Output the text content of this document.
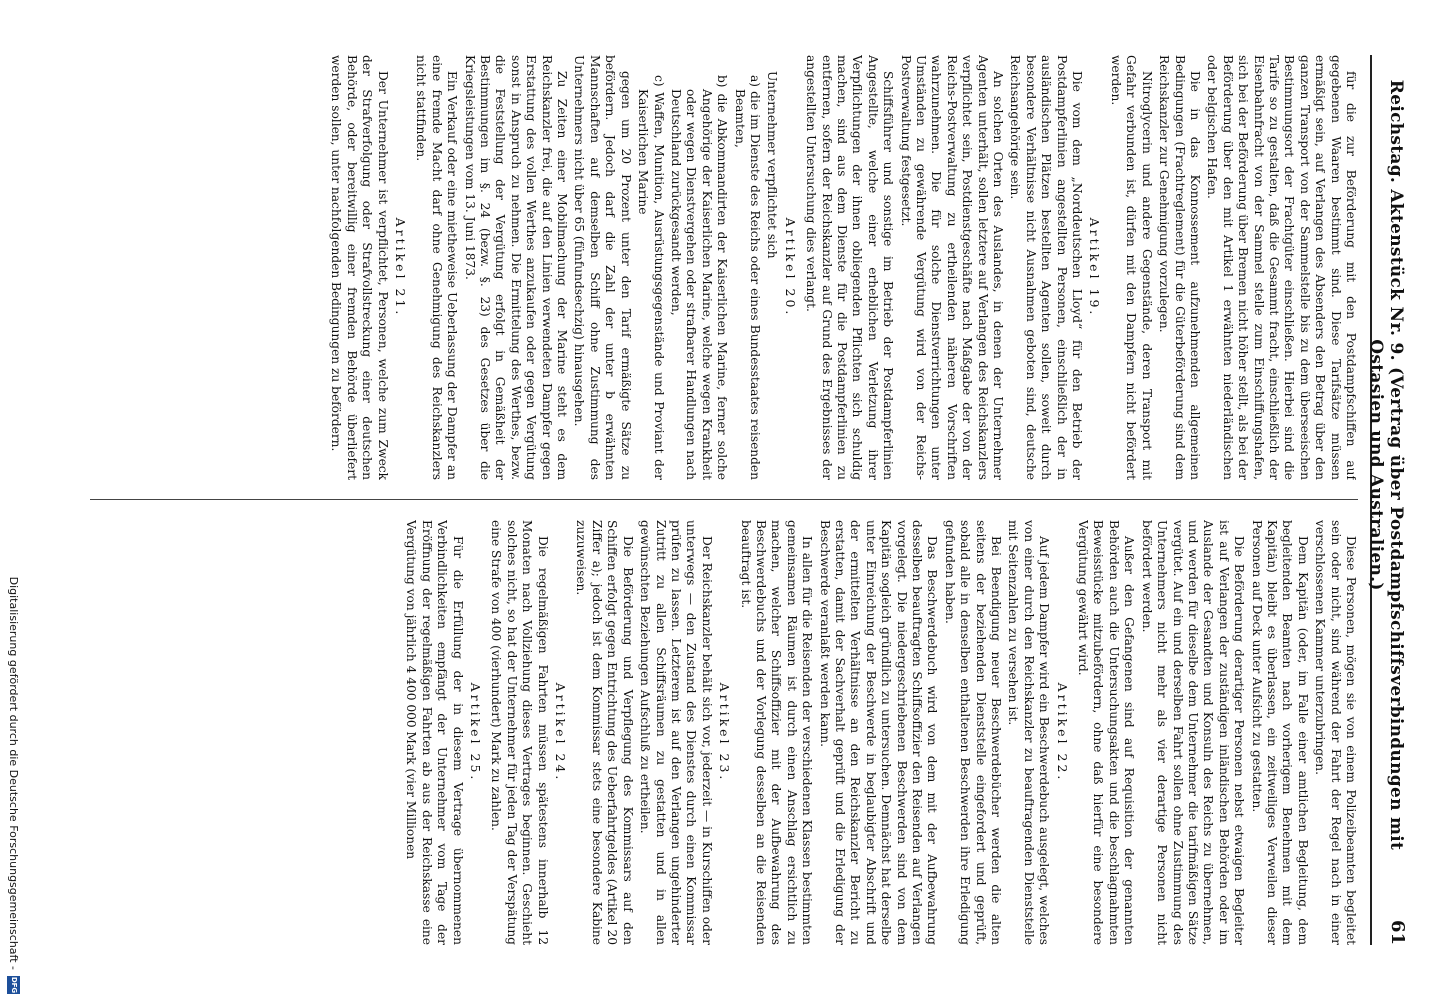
Reichstag. Aktenstück Nr. 9. (Vertrag über Postdampfschiffsverbindungen mit Ostasien und Australien.)
61

für die zur Beförderung mit den Postdampfschiffen auf gegebenen Waaren bestimmt sind. Diese Tarifsätze müssen ermäßigt sein, auf Verlangen des Absenders den Betrag über den ganzen Transport von der Sammelstelle bis zu dem überseeischen Bestimmungsort der Frachtgüter einschließen. Hierbei sind die Tarife so zu gestalten, daß die Gesammt fracht, einschließlich der Eisenbahnfracht von der Sammel stelle zum Einschiffungshafen, sich bei der Beförderung über Bremen nicht höher stellt, als bei der Beförderung über den mit Artikel 1 erwähnten niederländischen oder belgischen Hafen.

Die in das Konnossement aufzunehmenden allgemeinen Bedingungen (Frachtreglement) für die Güterbeförderung sind dem Reichskanzler zur Genehmigung vorzulegen.

Nitroglycerin und andere Gegenstände, deren Transport mit Gefahr verbunden ist, dürfen mit den Dampfern nicht befördert werden.

Artikel 19.

Die vom dem „Norddeutschen Lloyd“ für den Betrieb der Postdampferlinien angestellten Personen, einschließlich der in ausländischen Plätzen bestellten Agenten sollen, soweit durch besondere Verhältnisse nicht Ausnahmen geboten sind, deutsche Reichsangehörige sein.

An solchen Orten des Auslandes, in denen der Unternehmer Agenten unterhält, sollen letztere auf Verlangen des Reichskanzlers verpflichtet sein, Postdienstgeschäfte nach Maßgabe der von der Reichs-Postverwaltung zu ertheilenden näheren Vorschriften wahrzunehmen. Die für solche Dienstverrichtungen unter Umständen zu gewährende Vergütung wird von der Reichs-Postverwaltung festgesetzt.

Schiffsführer und sonstige im Betrieb der Postdampferlinien Angestellte, welche einer erheblichen Verletzung ihrer Verpflichtungen der ihnen obliegenden Pflichten sich schuldig machen, sind aus dem Dienste für die Postdampferlinien zu entfernen, sofern der Reichskanzler auf Grund des Ergebnisses der angestellten Untersuchung dies verlangt.

Artikel 20.

Unternehmer verpflichtet sich

a) die im Dienste des Reichs oder eines Bundesstaates reisenden Beamten,

b) die Abkommandirten der Kaiserlichen Marine, ferner solche Angehörige der Kaiserlichen Marine, welche wegen Krankheit oder wegen Dienstvergehen oder strafbarer Handlungen nach Deutschland zurückgesandt werden,

c) Waffen, Munition, Ausrüstungsgegenstände und Proviant der Kaiserlichen Marine

gegen um 20 Prozent unter den Tarif ermäßigte Sätze zu befördern. Jedoch darf die Zahl der unter b erwähnten Mannschaften auf demselben Schiff ohne Zustimmung des Unternehmers nicht über 65 (fünfundsechzig) hinausgehen.

Zu Zeiten einer Mobilmachung der Marine steht es dem Reichskanzler frei, die auf den Linien verwendeten Dampfer gegen Erstattung des vollen Werthes anzukaufen oder gegen Vergütung sonst in Anspruch zu nehmen. Die Ermittelung des Werthes, bezw. die Feststellung der Vergütung erfolgt in Gemäßheit der Bestimmungen im §. 24 (bezw. §. 23) des Gesetzes über die Kriegsleistungen vom 13. Juni 1873.

Ein Verkauf oder eine mietheweise Ueberlassung der Dampfer an eine fremde Macht darf ohne Genehmigung des Reichskanzlers nicht stattfinden.

Artikel 21.

Der Unternehmer ist verpflichtet, Personen, welche zum Zweck der Strafverfolgung oder Strafvollstreckung einer deutschen Behörde, oder bereitwillig einer fremden Behörde überliefert werden sollen, unter nachfolgenden Bedingungen zu befördern.

Diese Personen, mögen sie von einem Polizeibeamten begleitet sein oder nicht, sind während der Fahrt der Regel nach in einer verschlossenen Kammer unterzubringen.

Dem Kapitän (oder, im Falle einer amtlichen Begleitung, dem begleitenden Beamten nach vorherigem Benehmen mit dem Kapitän) bleibt es überlassen, ein zeitweiliges Verweilen dieser Personen auf Deck unter Aufsicht zu gestatten.

Die Beförderung derartiger Personen nebst etwaigen Begleiter ist auf Verlangen der zuständigen inländischen Behörden oder im Auslande der Gesandten und Konsuln des Reichs zu übernehmen, und werden für dieselbe dem Unternehmer die tarifmäßigen Sätze vergütet. Auf ein und derselben Fahrt sollen ohne Zustimmung des Unternehmers nicht mehr als vier derartige Personen nicht befördert werden.

Außer den Gefangenen sind auf Requisition der genannten Behörden auch die Untersuchungsakten und die beschlagnahmten Beweisstücke mitzubefördern, ohne daß hierfür eine besondere Vergütung gewährt wird.

Artikel 22.

Auf jedem Dampfer wird ein Beschwerdebuch ausgelegt, welches von einer durch den Reichskanzler zu beauftragenden Dienststelle mit Seitenzahlen zu versehen ist.

Bei Beendigung neuer Beschwerdebücher werden die alten seitens der beziehenden Dienststelle eingefordert und geprüft, sobald alle in denselben enthaltenen Beschwerden ihre Erledigung gefunden haben.

Das Beschwerdebuch wird von dem mit der Aufbewahrung desselben beauftragten Schiffsoffizier den Reisenden auf Verlangen vorgelegt. Die niedergeschriebenen Beschwerden sind von dem Kapitän sogleich gründlich zu untersuchen. Demnächst hat derselbe unter Einreichung der Beschwerde in beglaubigter Abschrift und der ermittelten Verhältnisse an den Reichskanzler Bericht zu erstatten, damit der Sachverhalt geprüft und die Erledigung der Beschwerde veranlaßt werden kann.

In allen für die Reisenden der verschiedenen Klassen bestimmten gemeinsamen Räumen ist durch einen Anschlag ersichtlich zu machen, welcher Schiffsoffizier mit der Aufbewahrung des Beschwerdebuchs und der Vorlegung desselben an die Reisenden beauftragt ist.

Artikel 23.

Der Reichskanzler behält sich vor, jederzeit — in Kurschiffen oder unterwegs — den Zustand des Dienstes durch einen Kommissar prüfen zu lassen. Letzterem ist auf den Verlangen ungehinderter Zutritt zu allen Schiffsräumen zu gestatten und in allen gewünschten Beziehungen Aufschluß zu ertheilen.

Die Beförderung und Verpflegung des Kommissars auf den Schiffen erfolgt gegen Entrichtung des Ueberfahrtgeldes (Artikel 20 Ziffer a); jedoch ist dem Kommissar stets eine besondere Kabine zuzuweisen.

Artikel 24.

Die regelmäßigen Fahrten müssen spätestens innerhalb 12 Monaten nach Vollziehung dieses Vertrages beginnen. Geschieht solches nicht, so hat der Unternehmer für jeden Tag der Verspätung eine Strafe von 400 (vierhundert) Mark zu zahlen.

Artikel 25.

Für die Erfüllung der in diesem Vertrage übernommenen Verbindlichkeiten empfängt der Unternehmer vom Tage der Eröffnung der regelmäßigen Fahrten ab aus der Reichskasse eine Vergütung von jährlich 4 400 000 Mark (vier Millionen

Digitalisierung gefördert durch die Deutsche Forschungsgemeinschaft -
DFG
